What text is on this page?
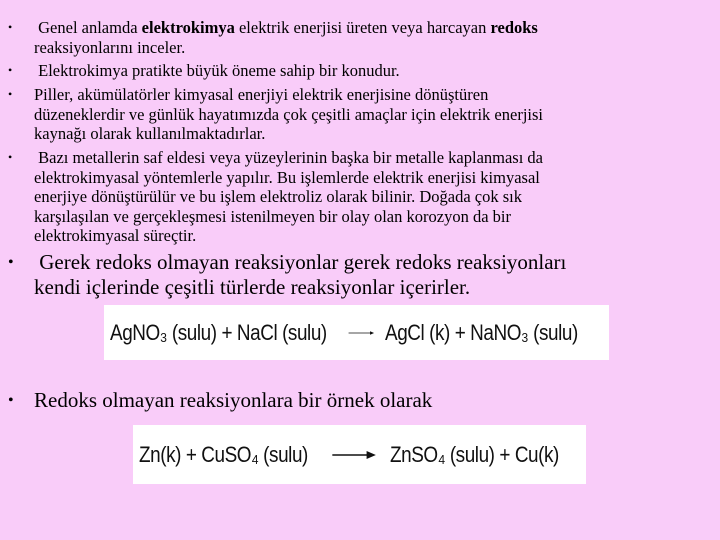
• Genel anlamda elektrokimya elektrik enerjisi üreten veya harcayan redoks
reaksiyonlarını inceler.
• Elektrokimya pratikte büyük öneme sahip bir konudur.
• Piller, akümülatörler kimyasal enerjiyi elektrik enerjisine dönüştüren
düzeneklerdir ve günlük hayatımızda çok çeşitli amaçlar için elektrik enerjisi
kaynağı olarak kullanılmaktadırlar.
• Bazı metallerin saf eldesi veya yüzeylerinin başka bir metalle kaplanması da
elektrokimyasal yöntemlerle yapılır. Bu işlemlerde elektrik enerjisi kimyasal
enerjiye dönüştürülür ve bu işlem elektroliz olarak bilinir. Doğada çok sık
karşılaşılan ve gerçekleşmesi istenilmeyen bir olay olan korozyon da bir
elektrokimyasal süreçtir.
• Gerek redoks olmayan reaksiyonlar gerek redoks reaksiyonları
kendi içlerinde çeşitli türlerde reaksiyonlar içerirler.
• Redoks olmayan reaksiyonlara bir örnek olarak
AgNO₃ (sulu) + NaCl (sulu) → AgCl (k) + NaNO₃ (sulu)
Zn(k) + CuSO₄ (sulu) → ZnSO₄ (sulu) + Cu(k)
